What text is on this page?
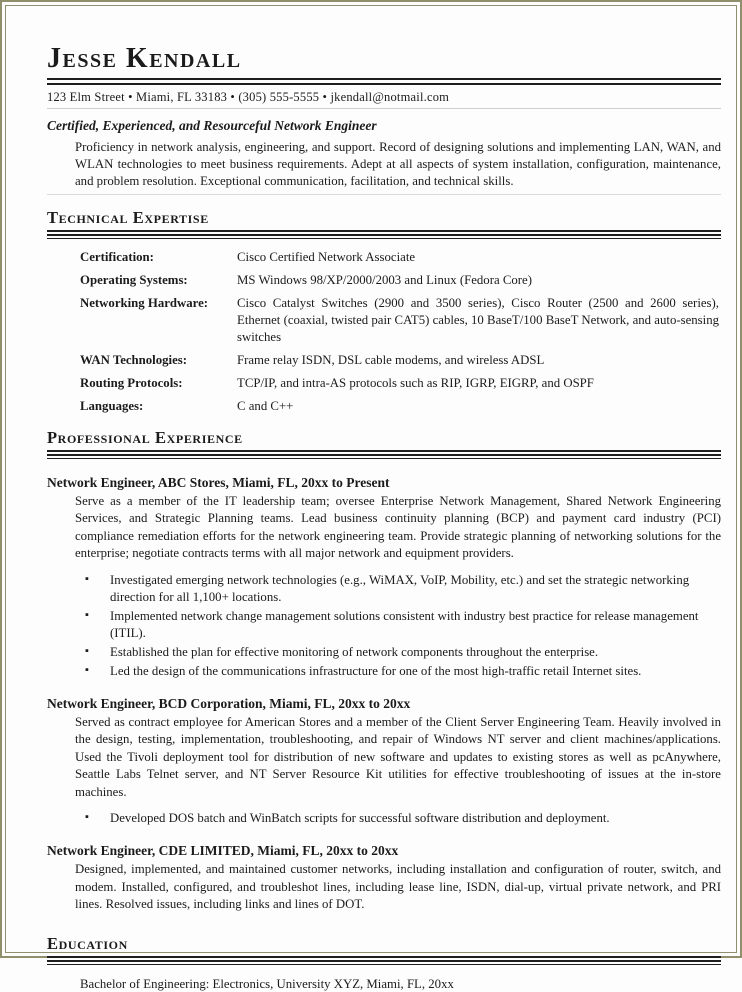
Jesse Kendall
123 Elm Street • Miami, FL 33183 • (305) 555-5555 • jkendall@notmail.com
Certified, Experienced, and Resourceful Network Engineer
Proficiency in network analysis, engineering, and support. Record of designing solutions and implementing LAN, WAN, and WLAN technologies to meet business requirements. Adept at all aspects of system installation, configuration, maintenance, and problem resolution. Exceptional communication, facilitation, and technical skills.
Technical Expertise
Certification:	Cisco Certified Network Associate
Operating Systems:	MS Windows 98/XP/2000/2003 and Linux (Fedora Core)
Networking Hardware:	Cisco Catalyst Switches (2900 and 3500 series), Cisco Router (2500 and 2600 series), Ethernet (coaxial, twisted pair CAT5) cables, 10 BaseT/100 BaseT Network, and auto-sensing switches
WAN Technologies:	Frame relay ISDN, DSL cable modems, and wireless ADSL
Routing Protocols:	TCP/IP, and intra-AS protocols such as RIP, IGRP, EIGRP, and OSPF
Languages:	C and C++
Professional Experience
Network Engineer, ABC Stores, Miami, FL, 20xx to Present
Serve as a member of the IT leadership team; oversee Enterprise Network Management, Shared Network Engineering Services, and Strategic Planning teams. Lead business continuity planning (BCP) and payment card industry (PCI) compliance remediation efforts for the network engineering team. Provide strategic planning of networking solutions for the enterprise; negotiate contracts terms with all major network and equipment providers.
▪ Investigated emerging network technologies (e.g., WiMAX, VoIP, Mobility, etc.) and set the strategic networking direction for all 1,100+ locations.
▪ Implemented network change management solutions consistent with industry best practice for release management (ITIL).
▪ Established the plan for effective monitoring of network components throughout the enterprise.
▪ Led the design of the communications infrastructure for one of the most high-traffic retail Internet sites.
Network Engineer, BCD Corporation, Miami, FL, 20xx to 20xx
Served as contract employee for American Stores and a member of the Client Server Engineering Team. Heavily involved in the design, testing, implementation, troubleshooting, and repair of Windows NT server and client machines/applications. Used the Tivoli deployment tool for distribution of new software and updates to existing stores as well as pcAnywhere, Seattle Labs Telnet server, and NT Server Resource Kit utilities for effective troubleshooting of issues at the in-store machines.
▪ Developed DOS batch and WinBatch scripts for successful software distribution and deployment.
Network Engineer, CDE LIMITED, Miami, FL, 20xx to 20xx
Designed, implemented, and maintained customer networks, including installation and configuration of router, switch, and modem. Installed, configured, and troubleshot lines, including lease line, ISDN, dial-up, virtual private network, and PRI lines. Resolved issues, including links and lines of DOT.
Education
Bachelor of Engineering: Electronics, University XYZ, Miami, FL, 20xx
